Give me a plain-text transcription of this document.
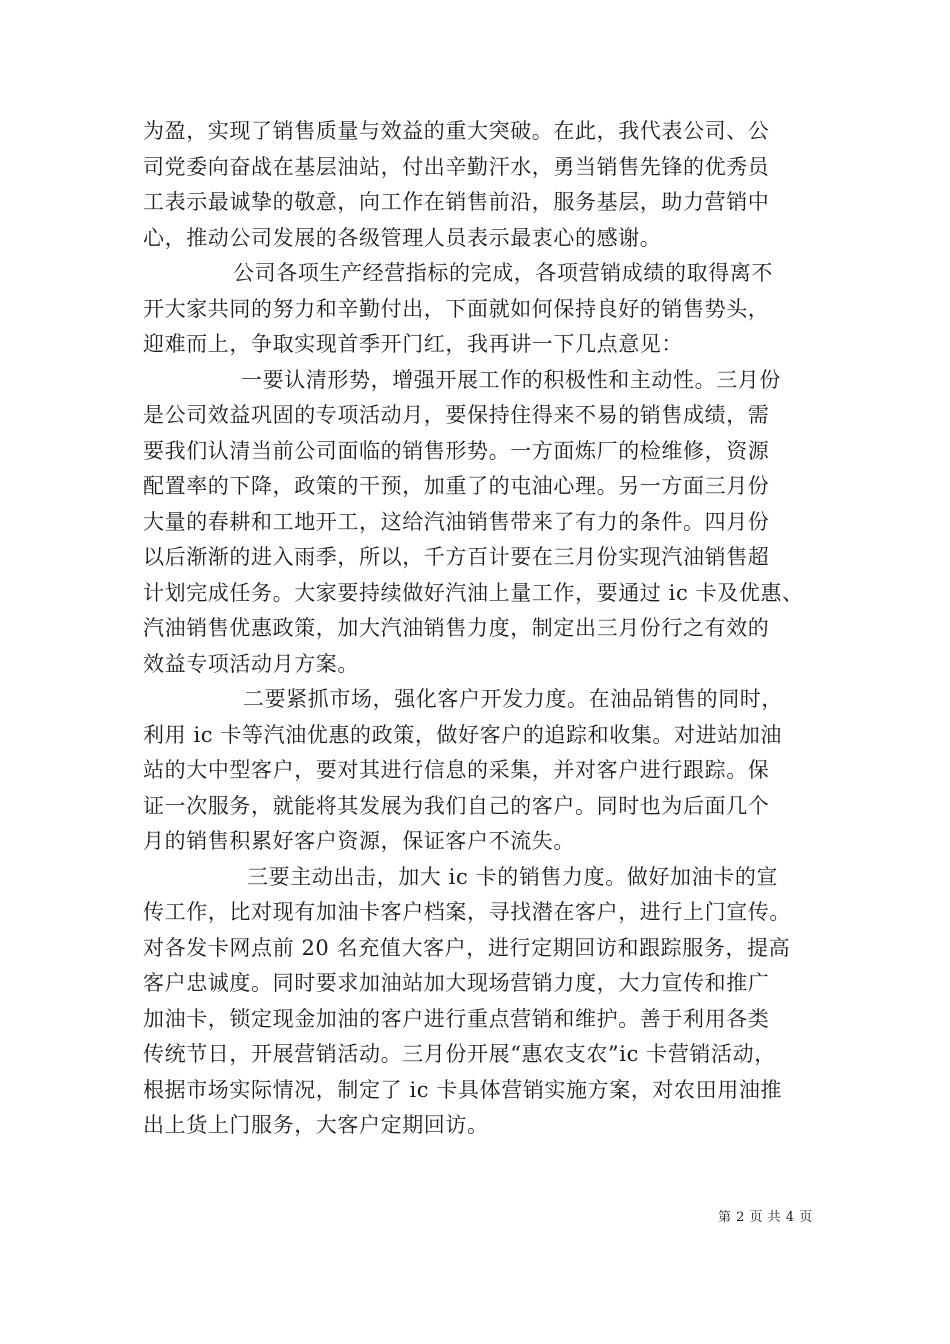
为盈，实现了销售质量与效益的重大突破。在此，我代表公司、公
司党委向奋战在基层油站，付出辛勤汗水，勇当销售先锋的优秀员
工表示最诚挚的敬意，向工作在销售前沿，服务基层，助力营销中
心，推动公司发展的各级管理人员表示最衷心的感谢。
公司各项生产经营指标的完成，各项营销成绩的取得离不
开大家共同的努力和辛勤付出，下面就如何保持良好的销售势头，
迎难而上，争取实现首季开门红，我再讲一下几点意见：
一要认清形势，增强开展工作的积极性和主动性。三月份
是公司效益巩固的专项活动月，要保持住得来不易的销售成绩，需
要我们认清当前公司面临的销售形势。一方面炼厂的检维修，资源
配置率的下降，政策的干预，加重了的屯油心理。另一方面三月份
大量的春耕和工地开工，这给汽油销售带来了有力的条件。四月份
以后渐渐的进入雨季，所以，千方百计要在三月份实现汽油销售超
计划完成任务。大家要持续做好汽油上量工作，要通过 ic 卡及优惠、
汽油销售优惠政策，加大汽油销售力度，制定出三月份行之有效的
效益专项活动月方案。
二要紧抓市场，强化客户开发力度。在油品销售的同时，
利用 ic 卡等汽油优惠的政策，做好客户的追踪和收集。对进站加油
站的大中型客户，要对其进行信息的采集，并对客户进行跟踪。保
证一次服务，就能将其发展为我们自己的客户。同时也为后面几个
月的销售积累好客户资源，保证客户不流失。
三要主动出击，加大 ic 卡的销售力度。做好加油卡的宣
传工作，比对现有加油卡客户档案，寻找潜在客户，进行上门宣传。
对各发卡网点前 20 名充值大客户，进行定期回访和跟踪服务，提高
客户忠诚度。同时要求加油站加大现场营销力度，大力宣传和推广
加油卡，锁定现金加油的客户进行重点营销和维护。善于利用各类
传统节日，开展营销活动。三月份开展“惠农支农”ic 卡营销活动，
根据市场实际情况，制定了 ic 卡具体营销实施方案，对农田用油推
出上货上门服务，大客户定期回访。
第 2 页 共 4 页
